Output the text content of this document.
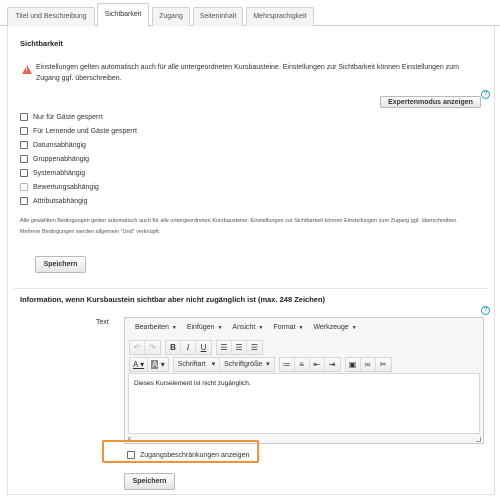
Titel und Beschreibung	Sichtbarkeit	Zugang	Seiteninhalt	Mehrsprachigkeit
Sichtbarkeit
!
Einstellungen gelten automatisch auch für alle untergeordneten Kursbausteine. Einstellungen zur Sichtbarkeit können Einstellungen zum Zugang ggf. überschreiben.
?
Expertenmodus anzeigen
Nur für Gäste gesperrt
Für Lernende und Gäste gesperrt
Datumsabhängig
Gruppenabhängig
Systemabhängig
Bewertungsabhängig
Attributsabhängig
Alle gewählten Bedingungen gelten automatisch auch für alle untergeordneten Kursbausteine. Einstellungen zur Sichtbarkeit können Einstellungen zum Zugang ggf. überschreiben. Mehrere Bedingungen werden allgemein "Und" verknüpft.
Speichern
Information, wenn Kursbaustein sichtbar aber nicht zugänglich ist (max. 248 Zeichen)
?
Text
Bearbeiten ▼ Einfügen ▼ Ansicht ▼ Format ▼ Werkzeuge ▼
↶	↷	B	I	U	☰ ☰	☰
A ▾	A ▾	Schriftart ▾	Schriftgröße ▾	≔	≡	⇤	⇥	▣	∞	✂
Dieses Kurselement ist nicht zugänglich.
p
Zugangsbeschränkungen anzeigen
Speichern
